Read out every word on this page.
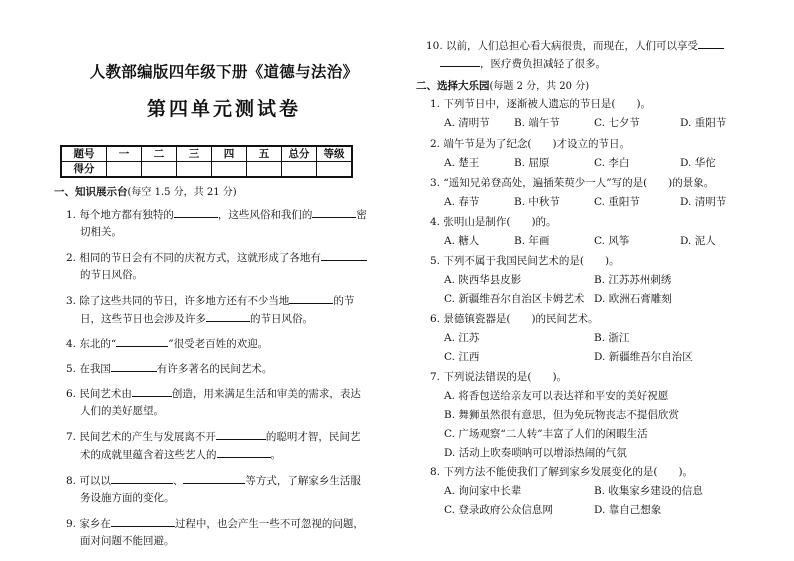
人教部编版四年级下册《道德与法治》
第四单元测试卷
题号	一	二	三	四	五	总分	等级
得分							
一、知识展示台(每空 1.5 分，共 21 分)
1. 每个地方都有独特的	，这些风俗和我们的	密
切相关。
2. 相同的节日会有不同的庆祝方式，这就形成了各地有
的节日风俗。
3. 除了这些共同的节日，许多地方还有不少当地	的节
日，这些节日也会涉及许多	的节日风俗。
4. 东北的“	”很受老百姓的欢迎。
5. 在我国	有许多著名的民间艺术。
6. 民间艺术由	创造，用来满足生活和审美的需求，表达
人们的美好愿望。
7. 民间艺术的产生与发展离不开	的聪明才智，民间艺
术的成就里蕴含着这些艺人的	。
8. 可以以	、	等方式，了解家乡生活服
务设施方面的变化。
9. 家乡在	过程中，也会产生一些不可忽视的问题，
面对问题不能回避。
10. 以前，人们总担心看大病很贵，而现在，人们可以享受
，医疗费负担减轻了很多。
二、选择大乐园(每题 2 分，共 20 分)
1. 下列节日中，逐渐被人遗忘的节日是(　　)。
A. 清明节	B. 端午节	C. 七夕节	D. 重阳节
2. 端午节是为了纪念(　　)才设立的节日。
A. 楚王	B. 屈原	C. 李白	D. 华佗
3. “遥知兄弟登高处，遍插茱萸少一人”写的是(　　)的景象。
A. 春节	B. 中秋节	C. 重阳节	D. 清明节
4. 张明山是制作(　　)的。
A. 糖人	B. 年画	C. 风筝	D. 泥人
5. 下列不属于我国民间艺术的是(　　)。
A. 陕西华县皮影	B. 江苏苏州刺绣
C. 新疆维吾尔自治区卡姆艺术 D. 欧洲石膏雕刻
6. 景德镇瓷器是(　　)的民间艺术。
A. 江苏	B. 浙江
C. 江西	D. 新疆维吾尔自治区
7. 下列说法错误的是(　　)。
A. 将香包送给亲友可以表达祥和平安的美好祝愿
B. 舞狮虽然很有意思，但为免玩物丧志不提倡欣赏
C. 广场观察“二人转”丰富了人们的闲暇生活
D. 活动上吹奏唢呐可以增添热闹的气氛
8. 下列方法不能使我们了解到家乡发展变化的是(　　)。
A. 询问家中长辈	B. 收集家乡建设的信息
C. 登录政府公众信息网	D. 靠自己想象
